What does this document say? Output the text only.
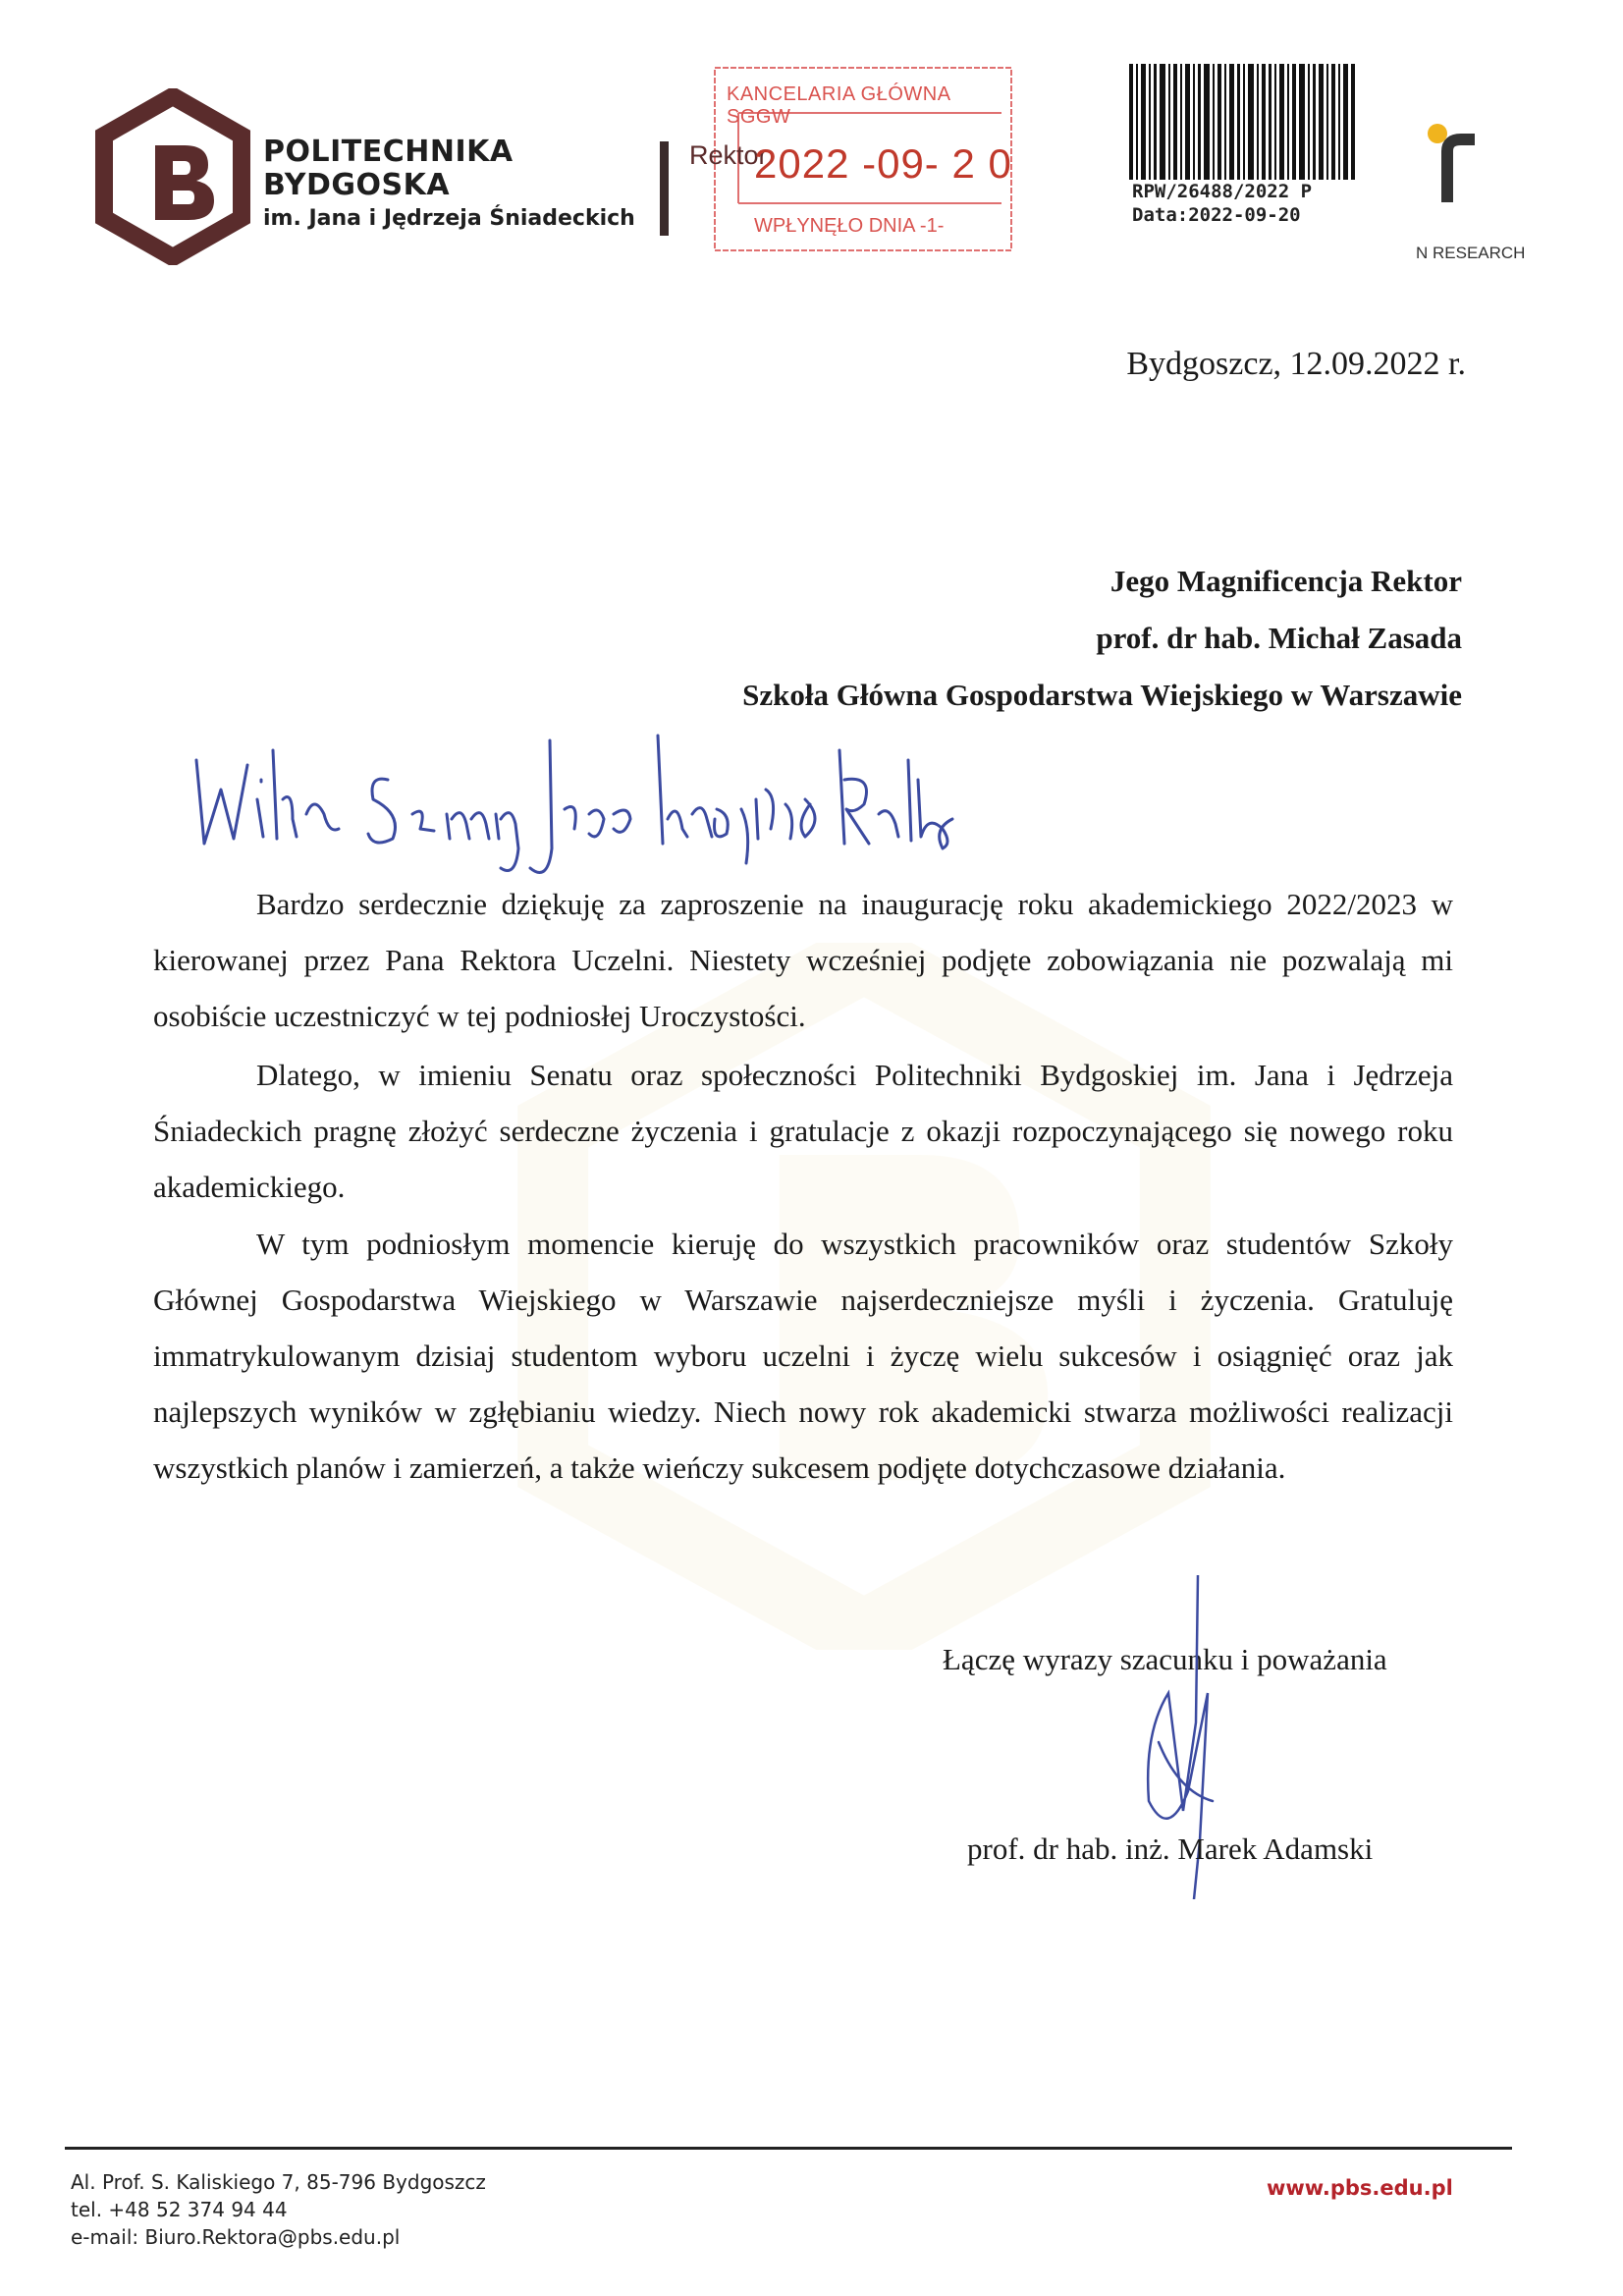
POLITECHNIKA
BYDGOSKA
im. Jana i Jędrzeja Śniadeckich
KANCELARIA GŁÓWNA SGGW
Rektor
2022 -09- 2 0
WPŁYNĘŁO DNIA -1-
RPW/26488/2022 P
Data:2022-09-20
N RESEARCH
Bydgoszcz, 12.09.2022 r.
Jego Magnificencja Rektor
prof. dr hab. Michał Zasada
Szkoła Główna Gospodarstwa Wiejskiego w Warszawie

Bardzo serdecznie dziękuję za zaproszenie na inaugurację roku akademickiego 2022/2023 w kierowanej przez Pana Rektora Uczelni. Niestety wcześniej podjęte zobowiązania nie pozwalają mi osobiście uczestniczyć w tej podniosłej Uroczystości.

Dlatego, w imieniu Senatu oraz społeczności Politechniki Bydgoskiej im. Jana i Jędrzeja Śniadeckich pragnę złożyć serdeczne życzenia i gratulacje z okazji rozpoczynającego się nowego roku akademickiego.

W tym podniosłym momencie kieruję do wszystkich pracowników oraz studentów Szkoły Głównej Gospodarstwa Wiejskiego w Warszawie najserdeczniejsze myśli i życzenia. Gratuluję immatrykulowanym dzisiaj studentom wyboru uczelni i życzę wielu sukcesów i osiągnięć oraz jak najlepszych wyników w zgłębianiu wiedzy. Niech nowy rok akademicki stwarza możliwości realizacji wszystkich planów i zamierzeń, a także wieńczy sukcesem podjęte dotychczasowe działania.

Łączę wyrazy szacunku i poważania
prof. dr hab. inż. Marek Adamski
Al. Prof. S. Kaliskiego 7, 85-796 Bydgoszcz
tel. +48 52 374 94 44
e-mail: Biuro.Rektora@pbs.edu.pl
www.pbs.edu.pl
